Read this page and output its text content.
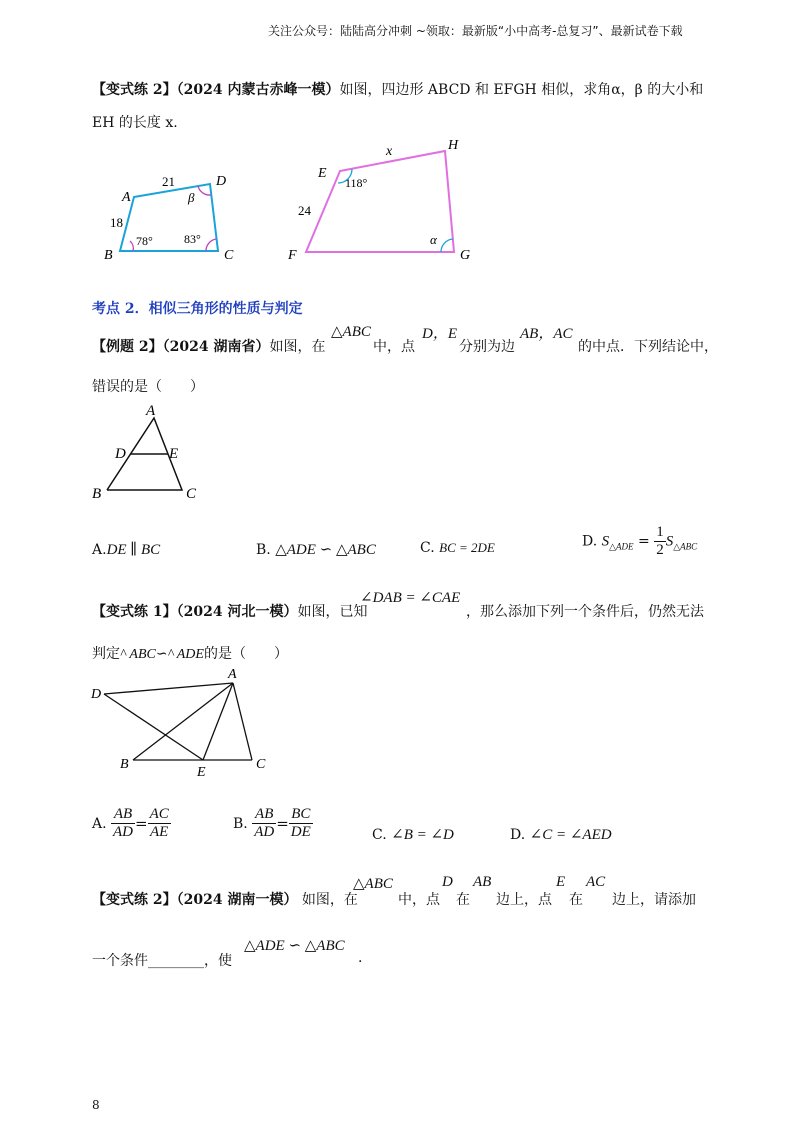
关注公众号：陆陆高分冲刺 ~领取：最新版“小中高考-总复习”、最新试卷下载
【变式练 2】（2024 内蒙古赤峰一模）如图，四边形 ABCD 和 EFGH 相似，求角α，β 的大小和
EH 的长度 x.
A
B	C
D
21
18
78°	83°
β
E
F	G
H
x
24
118°
α
考点 2．相似三角形的性质与判定
【例题 2】（2024 湖南省）如图，在
△ABC
中，点
D，E
分别为边
AB，AC
的中点．下列结论中，
错误的是（　　）
A
B	C
D	E
A.DE ∥ BC	B. △ADE ∽ △ABC	C. BC = 2DE	D. $S_{\triangle ADE} = \frac{1}{2} S_{\triangle ABC}$
【变式练 1】（2024 河北一模）如图，已知
∠DAB = ∠CAE
，那么添加下列一个条件后，仍然无法
判定^ ABC∽^ ADE的是（　　）
A
B	C
D
E
A. $\frac{AB}{AD} = \frac{AC}{AE}$	B. $\frac{AB}{AD} = \frac{BC}{DE}$	C. ∠B = ∠D	D. ∠C = ∠AED
【变式练 2】（2024 湖南一模） 如图，在
△ABC
中，点
D
在
AB
边上，点
E
在
AC
边上，请添加
一个条件________，使
△ADE ∽ △ABC
.
8
